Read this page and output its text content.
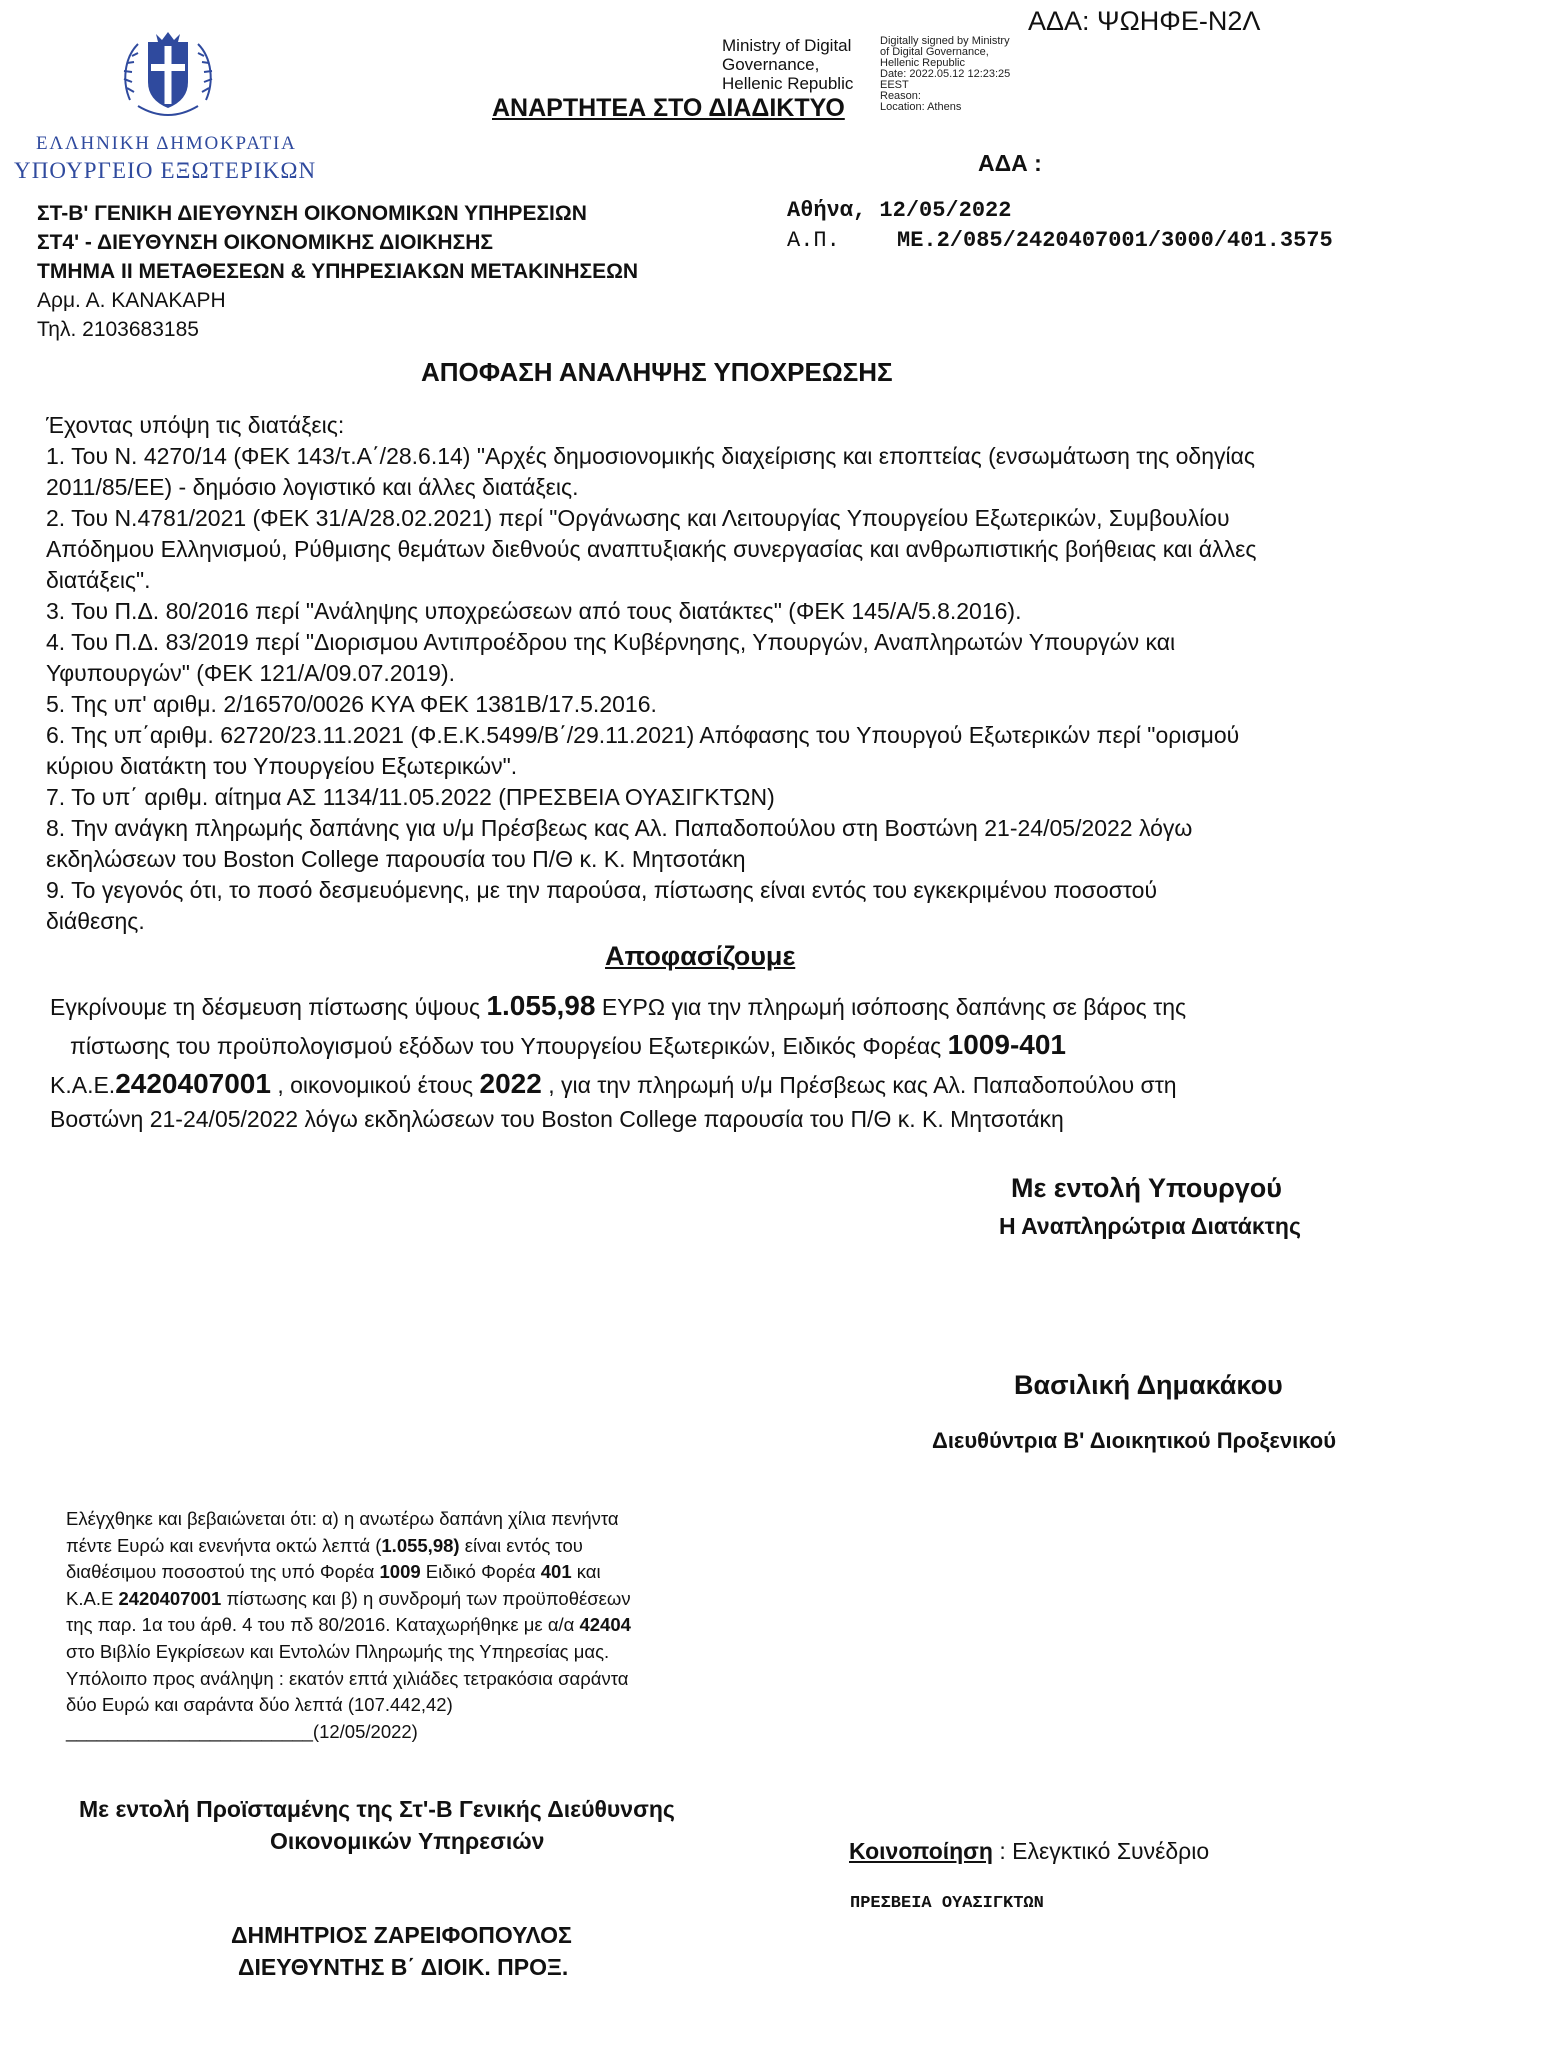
ΑΔΑ: ΨΩΗΦΕ-Ν2Λ
Ministry of Digital
Governance,
Hellenic Republic
Digitally signed by Ministry
of Digital Governance,
Hellenic Republic
Date: 2022.05.12 12:23:25
EEST
Reason:
Location: Athens
ΑΝΑΡΤΗΤΕΑ ΣΤΟ ΔΙΑΔΙΚΤΥΟ
ΕΛΛΗΝΙΚΗ ΔΗΜΟΚΡΑΤΙΑ
ΥΠΟΥΡΓΕΙΟ ΕΞΩΤΕΡΙΚΩΝ	ΑΔΑ :
ΣΤ-Β' ΓΕΝΙΚΗ ΔΙΕΥΘΥΝΣΗ ΟΙΚΟΝΟΜΙΚΩΝ ΥΠΗΡΕΣΙΩΝ
ΣΤ4' - ΔΙΕΥΘΥΝΣΗ ΟΙΚΟΝΟΜΙΚΗΣ ΔΙΟΙΚΗΣΗΣ
ΤΜΗΜΑ ΙΙ ΜΕΤΑΘΕΣΕΩΝ & ΥΠΗΡΕΣΙΑΚΩΝ ΜΕΤΑΚΙΝΗΣΕΩΝ
Αρμ. Α. ΚΑΝΑΚΑΡΗ
Τηλ. 2103683185
Αθήνα, 12/05/2022
Α.Π.	ΜΕ.2/085/2420407001/3000/401.3575
ΑΠΟΦΑΣΗ ΑΝΑΛΗΨΗΣ ΥΠΟΧΡΕΩΣΗΣ
Έχοντας υπόψη τις διατάξεις:
1. Του Ν. 4270/14 (ΦΕΚ 143/τ.Α΄/28.6.14) "Αρχές δημοσιονομικής διαχείρισης και εποπτείας (ενσωμάτωση της οδηγίας
2011/85/ΕΕ) - δημόσιο λογιστικό και άλλες διατάξεις.
2. Του Ν.4781/2021 (ΦΕΚ 31/Α/28.02.2021) περί "Οργάνωσης και Λειτουργίας Υπουργείου Εξωτερικών, Συμβουλίου
Απόδημου Ελληνισμού, Ρύθμισης θεμάτων διεθνούς αναπτυξιακής συνεργασίας και ανθρωπιστικής βοήθειας και άλλες
διατάξεις".
3. Του Π.Δ. 80/2016 περί "Ανάληψης υποχρεώσεων από τους διατάκτες" (ΦΕΚ 145/Α/5.8.2016).
4. Του Π.Δ. 83/2019 περί "Διορισμου Αντιπροέδρου της Κυβέρνησης, Υπουργών, Αναπληρωτών Υπουργών και
Υφυπουργών" (ΦΕΚ 121/Α/09.07.2019).
5. Της υπ' αριθμ. 2/16570/0026 ΚΥΑ ΦΕΚ 1381Β/17.5.2016.
6. Της υπ΄αριθμ. 62720/23.11.2021 (Φ.Ε.Κ.5499/Β΄/29.11.2021) Απόφασης του Υπουργού Εξωτερικών περί "ορισμού
κύριου διατάκτη του Υπουργείου Εξωτερικών".
7. Το υπ΄ αριθμ. αίτημα ΑΣ 1134/11.05.2022 (ΠΡΕΣΒΕΙΑ ΟΥΑΣΙΓΚΤΩΝ)
8. Την ανάγκη πληρωμής δαπάνης για υ/μ Πρέσβεως κας Αλ. Παπαδοπούλου στη Βοστώνη 21-24/05/2022 λόγω
εκδηλώσεων του Boston College παρουσία του Π/Θ κ. Κ. Μητσοτάκη
9. Το γεγονός ότι, το ποσό δεσμευόμενης, με την παρούσα, πίστωσης είναι εντός του εγκεκριμένου ποσοστού
διάθεσης.
Αποφασίζουμε
Εγκρίνουμε τη δέσμευση πίστωσης ύψους 1.055,98 ΕΥΡΩ για την πληρωμή ισόποσης δαπάνης σε βάρος της
πίστωσης του προϋπολογισμού εξόδων του Υπουργείου Εξωτερικών, Ειδικός Φορέας 1009-401
Κ.Α.Ε.2420407001 , οικονομικού έτους 2022 , για την πληρωμή υ/μ Πρέσβεως κας Αλ. Παπαδοπούλου στη
Βοστώνη 21-24/05/2022 λόγω εκδηλώσεων του Boston College παρουσία του Π/Θ κ. Κ. Μητσοτάκη
Με εντολή Υπουργού
Η Αναπληρώτρια Διατάκτης
Βασιλική Δημακάκου
Διευθύντρια Β' Διοικητικού Προξενικού
Ελέγχθηκε και βεβαιώνεται ότι: α) η ανωτέρω δαπάνη χίλια πενήντα
πέντε Ευρώ και ενενήντα οκτώ λεπτά (1.055,98) είναι εντός του
διαθέσιμου ποσοστού της υπό Φορέα 1009 Ειδικό Φορέα 401 και
Κ.Α.Ε 2420407001 πίστωσης και β) η συνδρομή των προϋποθέσεων
της παρ. 1α του άρθ. 4 του πδ 80/2016. Καταχωρήθηκε με α/α 42404
στο Βιβλίο Εγκρίσεων και Εντολών Πληρωμής της Υπηρεσίας μας.
Υπόλοιπο προς ανάληψη : εκατόν επτά χιλιάδες τετρακόσια σαράντα
δύο Ευρώ και σαράντα δύο λεπτά (107.442,42)
________________________(12/05/2022)
Με εντολή Προϊσταμένης της Στ'-Β Γενικής Διεύθυνσης
Οικονομικών Υπηρεσιών
ΔΗΜΗΤΡΙΟΣ ΖΑΡΕΙΦΟΠΟΥΛΟΣ
ΔΙΕΥΘΥΝΤΗΣ Β΄ ΔΙΟΙΚ. ΠΡΟΞ.
Κοινοποίηση : Ελεγκτικό Συνέδριο
ΠΡΕΣΒΕΙΑ ΟΥΑΣΙΓΚΤΩΝ
